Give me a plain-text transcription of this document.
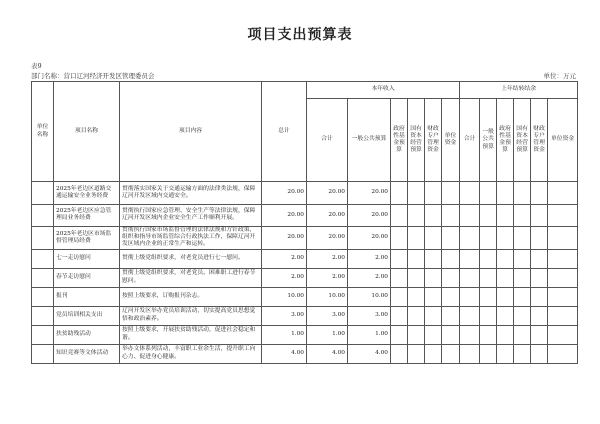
项目支出预算表
表9
部门名称：营口辽河经济开发区管理委员会	单位：万元
单位名称	项目名称	项目内容	总计	本年收入						上年结转结余					
				合计	一般公共预算	政府性基金预算	国有资本经营预算	财政专户管理资金	单位资金	合计	一般公共预算	政府性基金预算	国有资本经营预算	财政专户管理资金	单位资金
	2025年老边区道路交通运输安全业务经费	贯彻落实国家关于交通运输方面的法律类法规，保障辽河开发区域内交通安全。	20.00	20.00	20.00										
	2025年老边区应急管理局业务经费	贯彻执行国家应急管理、安全生产等法律法规，保障辽河开发区域内企业安全生产工作顺利开展。	20.00	20.00	20.00										
	2025年老边区市场监督管理局经费	贯彻执行国家市场监督管理的法律法规和方针政策，组织和指导市场监管综合行政执法工作，保障辽河开发区域内企业的正常生产和运转。	20.00	20.00	20.00										
	七一走访慰问	贯彻上级党组织要求，对老党员进行七一慰问。	2.00	2.00	2.00										
	春节走访慰问	贯彻上级党组织要求，对老党员、困难职工进行春节慰问。	2.00	2.00	2.00										
	报刊	按照上级要求，订购报刊杂志。	10.00	10.00	10.00										
	党员培训相关支出	辽河开发区举办党员培训活动，切实提高党员思想觉悟和政治素养。	3.00	3.00	3.00										
	扶贫助残活动	按照上级要求，开展扶贫助残活动，促进社会稳定和谐。	1.00	1.00	1.00										
	知识竞赛等文体活动	举办文体系列活动，丰富职工业余生活，提升职工向心力、促进身心健康。	4.00	4.00	4.00										
